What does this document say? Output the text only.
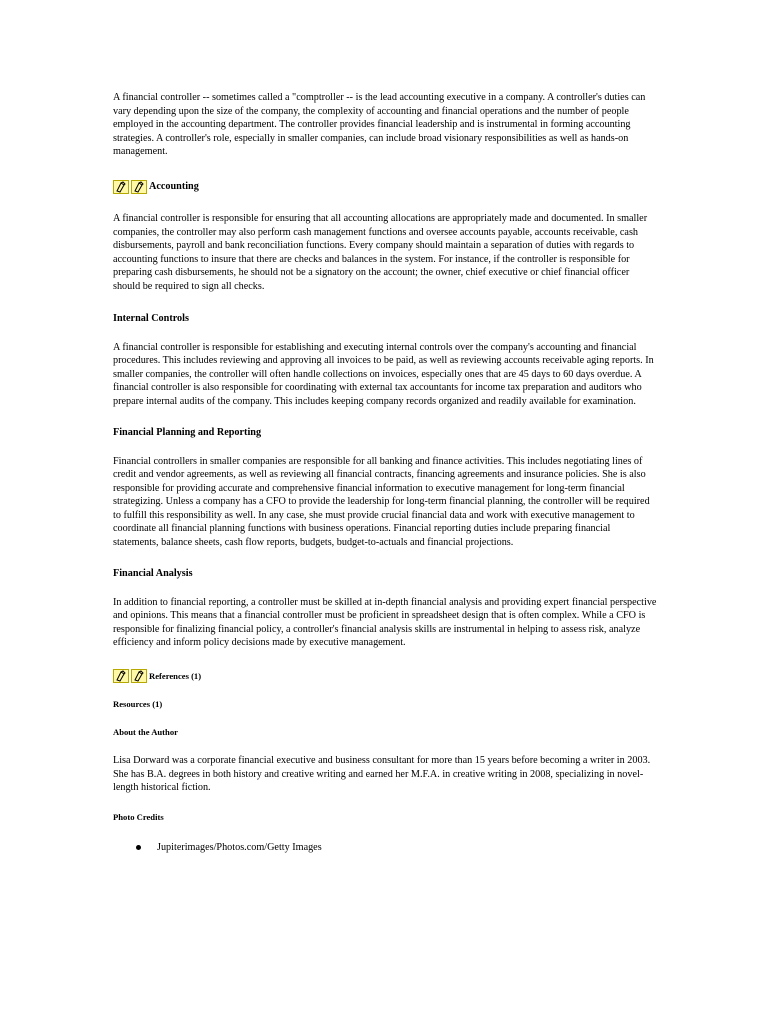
A financial controller -- sometimes called a "comptroller -- is the lead accounting executive in a company. A controller's duties can vary depending upon the size of the company, the complexity of accounting and financial operations and the number of people employed in the accounting department. The controller provides financial leadership and is instrumental in forming accounting strategies. A controller's role, especially in smaller companies, can include broad visionary responsibilities as well as hands-on management.

Accounting

A financial controller is responsible for ensuring that all accounting allocations are appropriately made and documented. In smaller companies, the controller may also perform cash management functions and oversee accounts payable, accounts receivable, cash disbursements, payroll and bank reconciliation functions. Every company should maintain a separation of duties with regards to accounting functions to insure that there are checks and balances in the system. For instance, if the controller is responsible for preparing cash disbursements, he should not be a signatory on the account; the owner, chief executive or chief financial officer should be required to sign all checks.

Internal Controls

A financial controller is responsible for establishing and executing internal controls over the company's accounting and financial procedures. This includes reviewing and approving all invoices to be paid, as well as reviewing accounts receivable aging reports. In smaller companies, the controller will often handle collections on invoices, especially ones that are 45 days to 60 days overdue. A financial controller is also responsible for coordinating with external tax accountants for income tax preparation and auditors who prepare internal audits of the company. This includes keeping company records organized and readily available for examination.

Financial Planning and Reporting

Financial controllers in smaller companies are responsible for all banking and finance activities. This includes negotiating lines of credit and vendor agreements, as well as reviewing all financial contracts, financing agreements and insurance policies. She is also responsible for providing accurate and comprehensive financial information to executive management for long-term financial strategizing. Unless a company has a CFO to provide the leadership for long-term financial planning, the controller will be required to fulfill this responsibility as well. In any case, she must provide crucial financial data and work with executive management to coordinate all financial planning functions with business operations. Financial reporting duties include preparing financial statements, balance sheets, cash flow reports, budgets, budget-to-actuals and financial projections.

Financial Analysis

In addition to financial reporting, a controller must be skilled at in-depth financial analysis and providing expert financial perspective and opinions. This means that a financial controller must be proficient in spreadsheet design that is often complex. While a CFO is responsible for finalizing financial policy, a controller's financial analysis skills are instrumental in helping to assess risk, analyze efficiency and inform policy decisions made by executive management.

References (1)

Resources (1)

About the Author

Lisa Dorward was a corporate financial executive and business consultant for more than 15 years before becoming a writer in 2003. She has B.A. degrees in both history and creative writing and earned her M.F.A. in creative writing in 2008, specializing in novel-length historical fiction.

Photo Credits

Jupiterimages/Photos.com/Getty Images
